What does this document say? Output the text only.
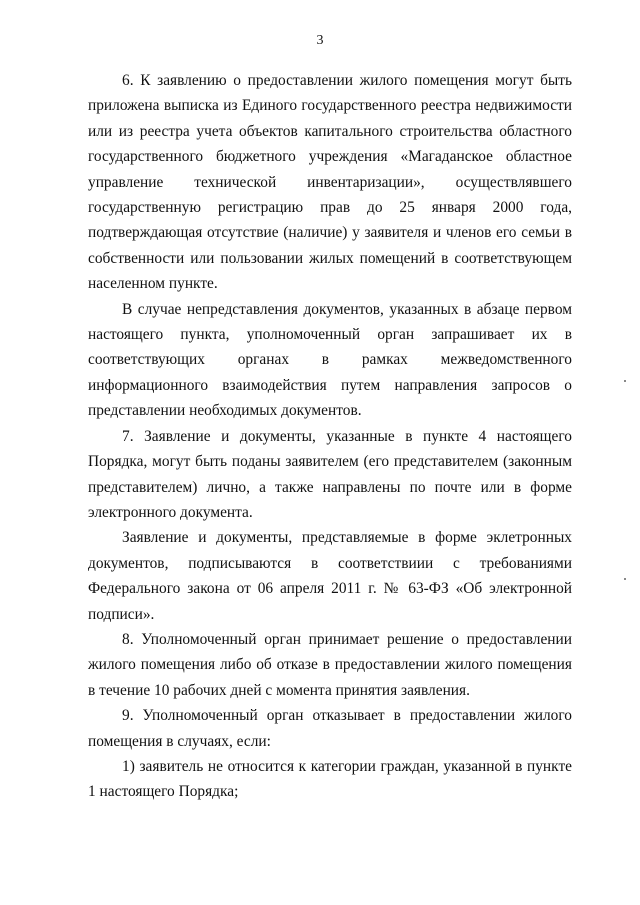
3

6. К заявлению о предоставлении жилого помещения могут быть приложена выписка из Единого государственного реестра недвижимости или из реестра учета объектов капитального строительства областного государственного бюджетного учреждения «Магаданское областное управление технической инвентаризации», осуществлявшего государственную регистрацию прав до 25 января 2000 года, подтверждающая отсутствие (наличие) у заявителя и членов его семьи в собственности или пользовании жилых помещений в соответствующем населенном пункте.

В случае непредставления документов, указанных в абзаце первом настоящего пункта, уполномоченный орган запрашивает их в соответствующих органах в рамках межведомственного информационного взаимодействия путем направления запросов о представлении необходимых документов.

7. Заявление и документы, указанные в пункте 4 настоящего Порядка, могут быть поданы заявителем (его представителем (законным представителем) лично, а также направлены по почте или в форме электронного документа.

Заявление и документы, представляемые в форме эклетронных документов, подписываются в соответствиии с требованиями Федерального закона от 06 апреля 2011 г. № 63-ФЗ «Об электронной подписи».

8. Уполномоченный орган принимает решение о предоставлении жилого помещения либо об отказе в предоставлении жилого помещения в течение 10 рабочих дней с момента принятия заявления.

9. Уполномоченный орган отказывает в предоставлении жилого помещения в случаях, если:

1) заявитель не относится к категории граждан, указанной в пункте 1 настоящего Порядка;
